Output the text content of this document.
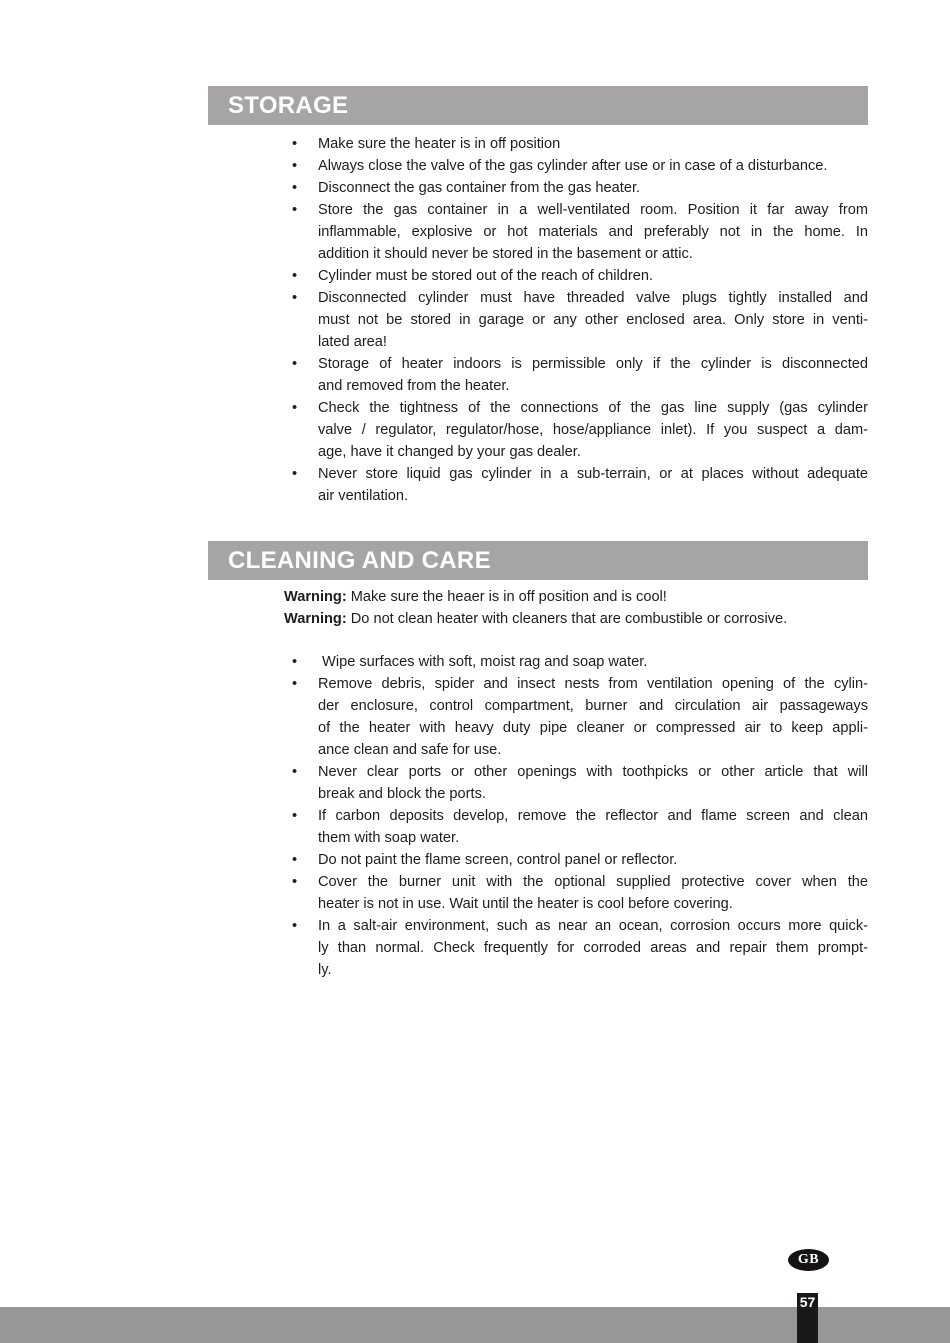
STORAGE
•	Make sure the heater is in off position
•	Always close the valve of the gas cylinder after use or in case of a disturbance.
•	Disconnect the gas container from the gas heater.
•	Store the gas container in a well-ventilated room. Position it far away from
inflammable, explosive or hot materials and preferably not in the home. In
addition it should never be stored in the basement or attic.
•	Cylinder must be stored out of the reach of children.
•	Disconnected cylinder must have threaded valve plugs tightly installed and
must not be stored in garage or any other enclosed area. Only store in venti-
lated area!
•	Storage of heater indoors is permissible only if the cylinder is disconnected
and removed from the heater.
•	Check the tightness of the connections of the gas line supply (gas cylinder
valve / regulator, regulator/hose, hose/appliance inlet). If you suspect a dam-
age, have it changed by your gas dealer.
•	Never store liquid gas cylinder in a sub-terrain, or at places without adequate
air ventilation.
CLEANING AND CARE
Warning: Make sure the heaer is in off position and is cool!
Warning: Do not clean heater with cleaners that are combustible or corrosive.
•	Wipe surfaces with soft, moist rag and soap water.
•	Remove debris, spider and insect nests from ventilation opening of the cylin-
der enclosure, control compartment, burner and circulation air passageways
of the heater with heavy duty pipe cleaner or compressed air to keep appli-
ance clean and safe for use.
•	Never clear ports or other openings with toothpicks or other article that will
break and block the ports.
•	If carbon deposits develop, remove the reflector and flame screen and clean
them with soap water.
•	Do not paint the flame screen, control panel or reflector.
•	Cover the burner unit with the optional supplied protective cover when the
heater is not in use. Wait until the heater is cool before covering.
•	In a salt-air environment, such as near an ocean, corrosion occurs more quick-
ly than normal. Check frequently for corroded areas and repair them prompt-
ly.
GB
57
